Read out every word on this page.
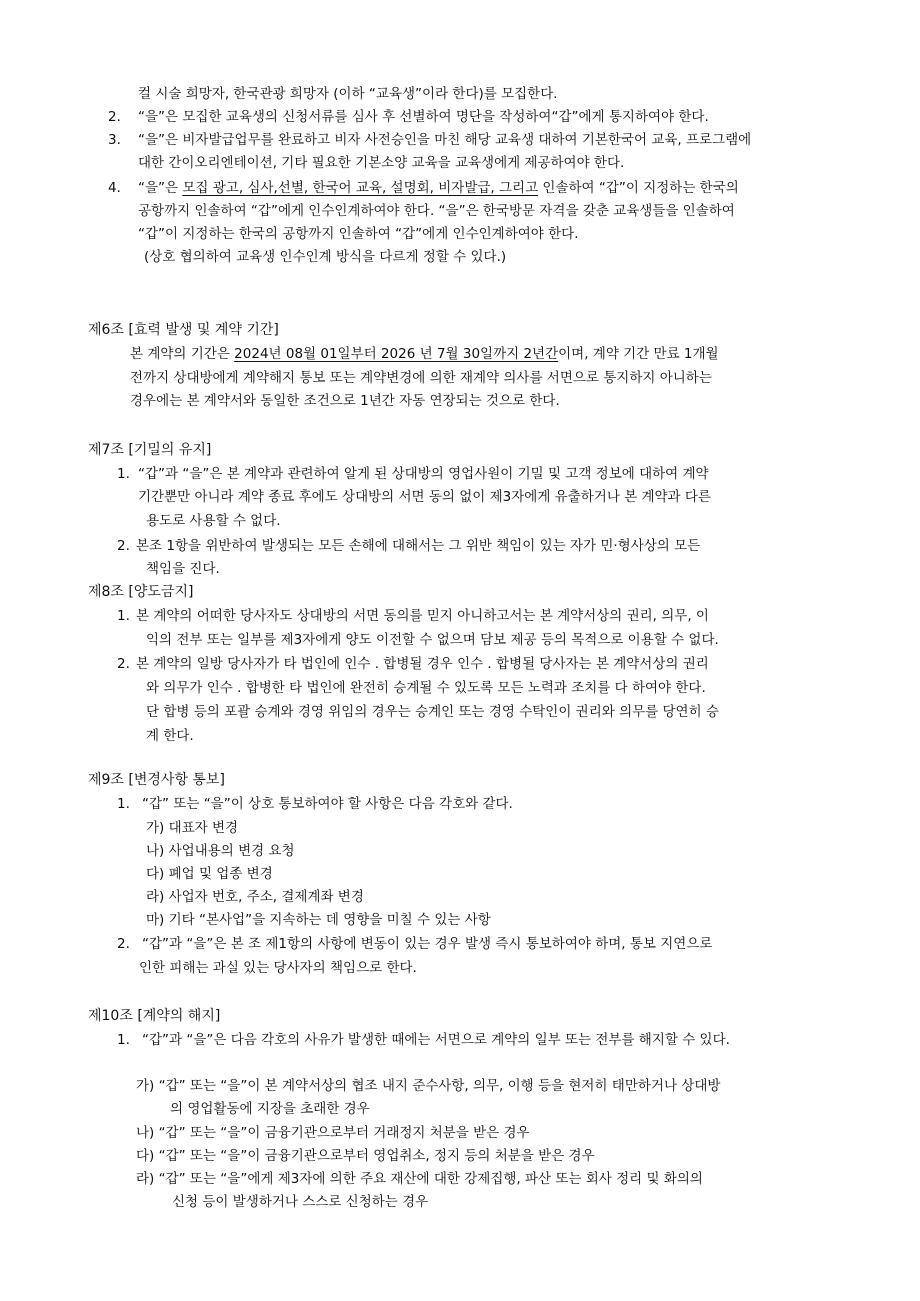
컬 시술 희망자, 한국관광 희망자 (이하 “교육생”이라 한다)를 모집한다.
2. “을”은 모집한 교육생의 신청서류를 심사 후 선별하여 명단을 작성하여“갑”에게 통지하여야 한다.
3. “을”은 비자발급업무를 완료하고 비자 사전승인을 마친 해당 교육생 대하여 기본한국어 교육, 프로그램에
대한 간이오리엔테이션, 기타 필요한 기본소양 교육을 교육생에게 제공하여야 한다.
4. “을”은 모집 광고, 심사,선별, 한국어 교육, 설명회, 비자발급, 그리고 인솔하여 “갑”이 지정하는 한국의
공항까지 인솔하여 “갑”에게 인수인계하여야 한다. “을”은 한국방문 자격을 갖춘 교육생들을 인솔하여
“갑”이 지정하는 한국의 공항까지 인솔하여 “갑”에게 인수인계하여야 한다.
(상호 협의하여 교육생 인수인계 방식을 다르게 정할 수 있다.)
제6조 [효력 발생 및 계약 기간]
본 계약의 기간은 2024년 08월 01일부터 2026 년 7월 30일까지 2년간이며, 계약 기간 만료 1개월
전까지 상대방에게 계약해지 통보 또는 계약변경에 의한 재계약 의사를 서면으로 통지하지 아니하는
경우에는 본 계약서와 동일한 조건으로 1년간 자동 연장되는 것으로 한다.
제7조 [기밀의 유지]
1. “갑”과 “을”은 본 계약과 관련하여 알게 된 상대방의 영업사원이 기밀 및 고객 정보에 대하여 계약
기간뿐만 아니라 계약 종료 후에도 상대방의 서면 동의 없이 제3자에게 유출하거나 본 계약과 다른
용도로 사용할 수 없다.
2. 본조 1항을 위반하여 발생되는 모든 손해에 대해서는 그 위반 책임이 있는 자가 민·형사상의 모든
책임을 진다.
제8조 [양도금지]
1. 본 계약의 어떠한 당사자도 상대방의 서면 동의를 믿지 아니하고서는 본 계약서상의 권리, 의무, 이
익의 전부 또는 일부를 제3자에게 양도 이전할 수 없으며 담보 제공 등의 목적으로 이용할 수 없다.
2. 본 계약의 일방 당사자가 타 법인에 인수 . 합병될 경우 인수 . 합병될 당사자는 본 계약서상의 권리
와 의무가 인수 . 합병한 타 법인에 완전히 승계될 수 있도록 모든 노력과 조치를 다 하여야 한다.
단 합병 등의 포괄 승계와 경영 위임의 경우는 승계인 또는 경영 수탁인이 권리와 의무를 당연히 승
계 한다.
제9조 [변경사항 통보]
1. “갑” 또는 “을”이 상호 통보하여야 할 사항은 다음 각호와 같다.
가) 대표자 변경
나) 사업내용의 변경 요청
다) 폐업 및 업종 변경
라) 사업자 번호, 주소, 결제계좌 변경
마) 기타 “본사업”을 지속하는 데 영향을 미칠 수 있는 사항
2. “갑”과 “을”은 본 조 제1항의 사항에 변동이 있는 경우 발생 즉시 통보하여야 하며, 통보 지연으로
인한 피해는 과실 있는 당사자의 책임으로 한다.
제10조 [계약의 해지]
1. “갑”과 “을”은 다음 각호의 사유가 발생한 때에는 서면으로 계약의 일부 또는 전부를 해지할 수 있다.
가) “갑” 또는 “을”이 본 계약서상의 협조 내지 준수사항, 의무, 이행 등을 현저히 태만하거나 상대방
의 영업활동에 지장을 초래한 경우
나) “갑” 또는 “을”이 금융기관으로부터 거래정지 처분을 받은 경우
다) “갑” 또는 “을”이 금융기관으로부터 영업취소, 정지 등의 처분을 받은 경우
라) “갑” 또는 “을”에게 제3자에 의한 주요 재산에 대한 강제집행, 파산 또는 회사 정리 및 화의의
신청 등이 발생하거나 스스로 신청하는 경우
